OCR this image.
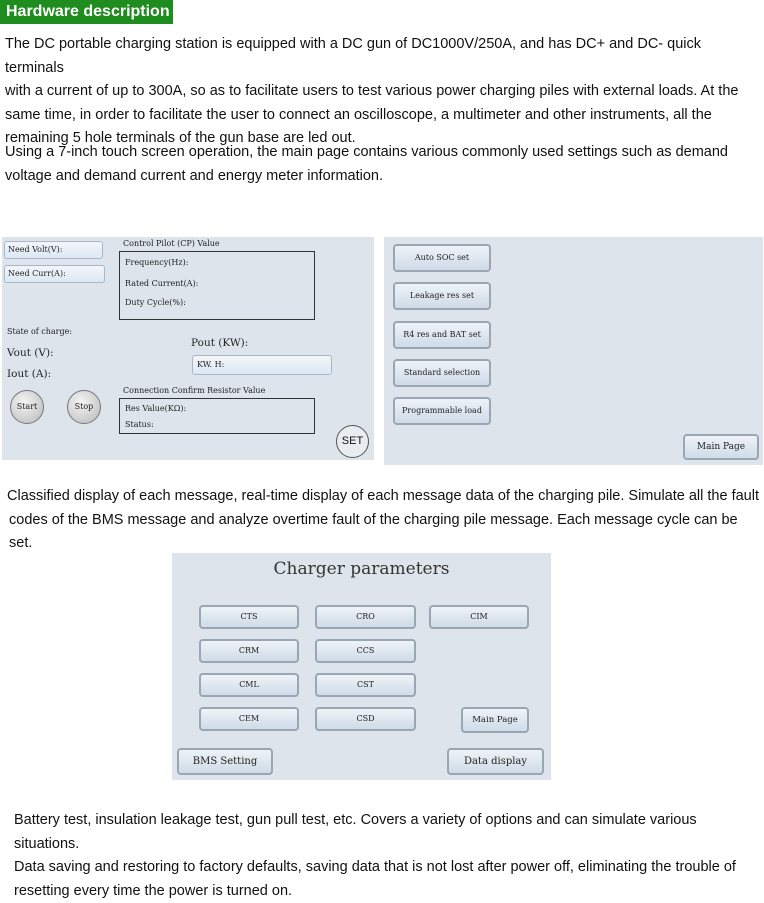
Hardware description
The DC portable charging station is equipped with a DC gun of DC1000V/250A, and has DC+ and DC- quick terminals
with a current of up to 300A, so as to facilitate users to test various power charging piles with external loads. At the
same time, in order to facilitate the user to connect an oscilloscope, a multimeter and other instruments, all the
remaining 5 hole terminals of the gun base are led out.
Using a 7-inch touch screen operation, the main page contains various commonly used settings such as demand
voltage and demand current and energy meter information.
Need Volt(V):
Need Curr(A):
Control Pilot (CP) Value
Frequency(Hz):
Rated Current(A):
Duty Cycle(%):
State of charge:
Vout (V):
Iout (A):
Pout (KW):
KW. H:
Connection Confirm Resistor Value
Res Value(KΩ):
Status:
Start	Stop
SET
Auto SOC set
Leakage res set
R4 res and BAT set
Standard selection
Programmable load
Main Page
Classified display of each message, real-time display of each message data of the charging pile. Simulate all the fault
codes of the BMS message and analyze overtime fault of the charging pile message. Each message cycle can be set.
Charger parameters
CTS
CRM
CML
CEM
CRO
CCS
CST
CSD
CIM
Main Page
BMS Setting	Data display
Battery test, insulation leakage test, gun pull test, etc. Covers a variety of options and can simulate various situations.
Data saving and restoring to factory defaults, saving data that is not lost after power off, eliminating the trouble of
resetting every time the power is turned on.
